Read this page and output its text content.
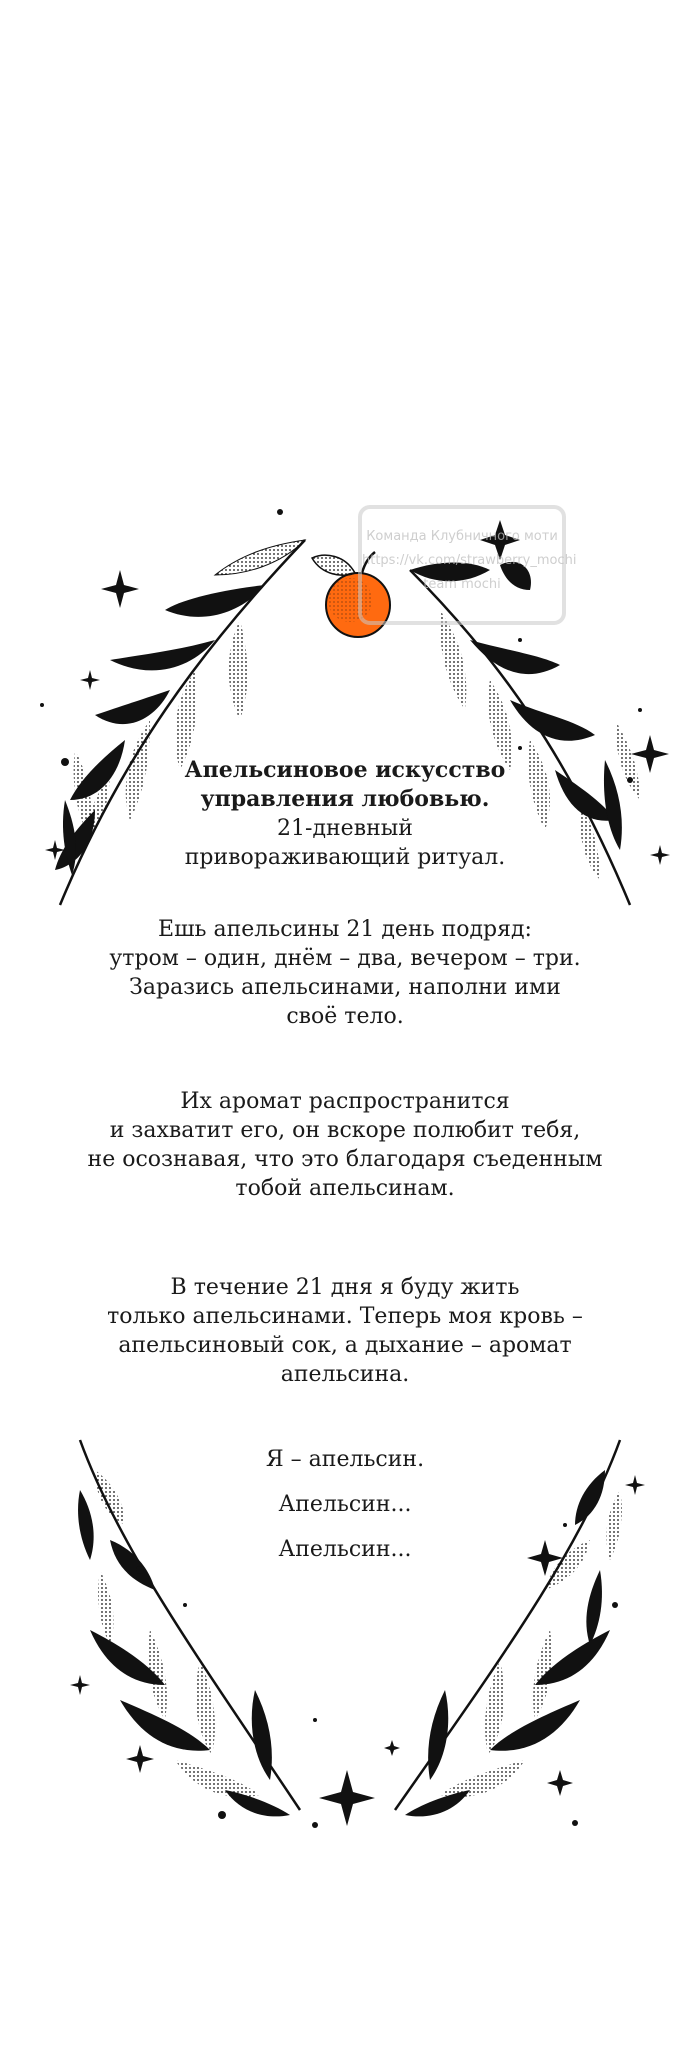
Команда Клубничного моти
https://vk.com/strawberry_mochi
team mochi
Апельсиновое искусство
управления любовью.
21-дневный
привораживающий ритуал.
Ешь апельсины 21 день подряд:
утром – один, днём – два, вечером – три.
Заразись апельсинами, наполни ими
своё тело.
Их аромат распространится
и захватит его, он вскоре полюбит тебя,
не осознавая, что это благодаря съеденным
тобой апельсинам.
В течение 21 дня я буду жить
только апельсинами. Теперь моя кровь –
апельсиновый сок, а дыхание – аромат
апельсина.
Я – апельсин.
Апельсин...
Апельсин...
